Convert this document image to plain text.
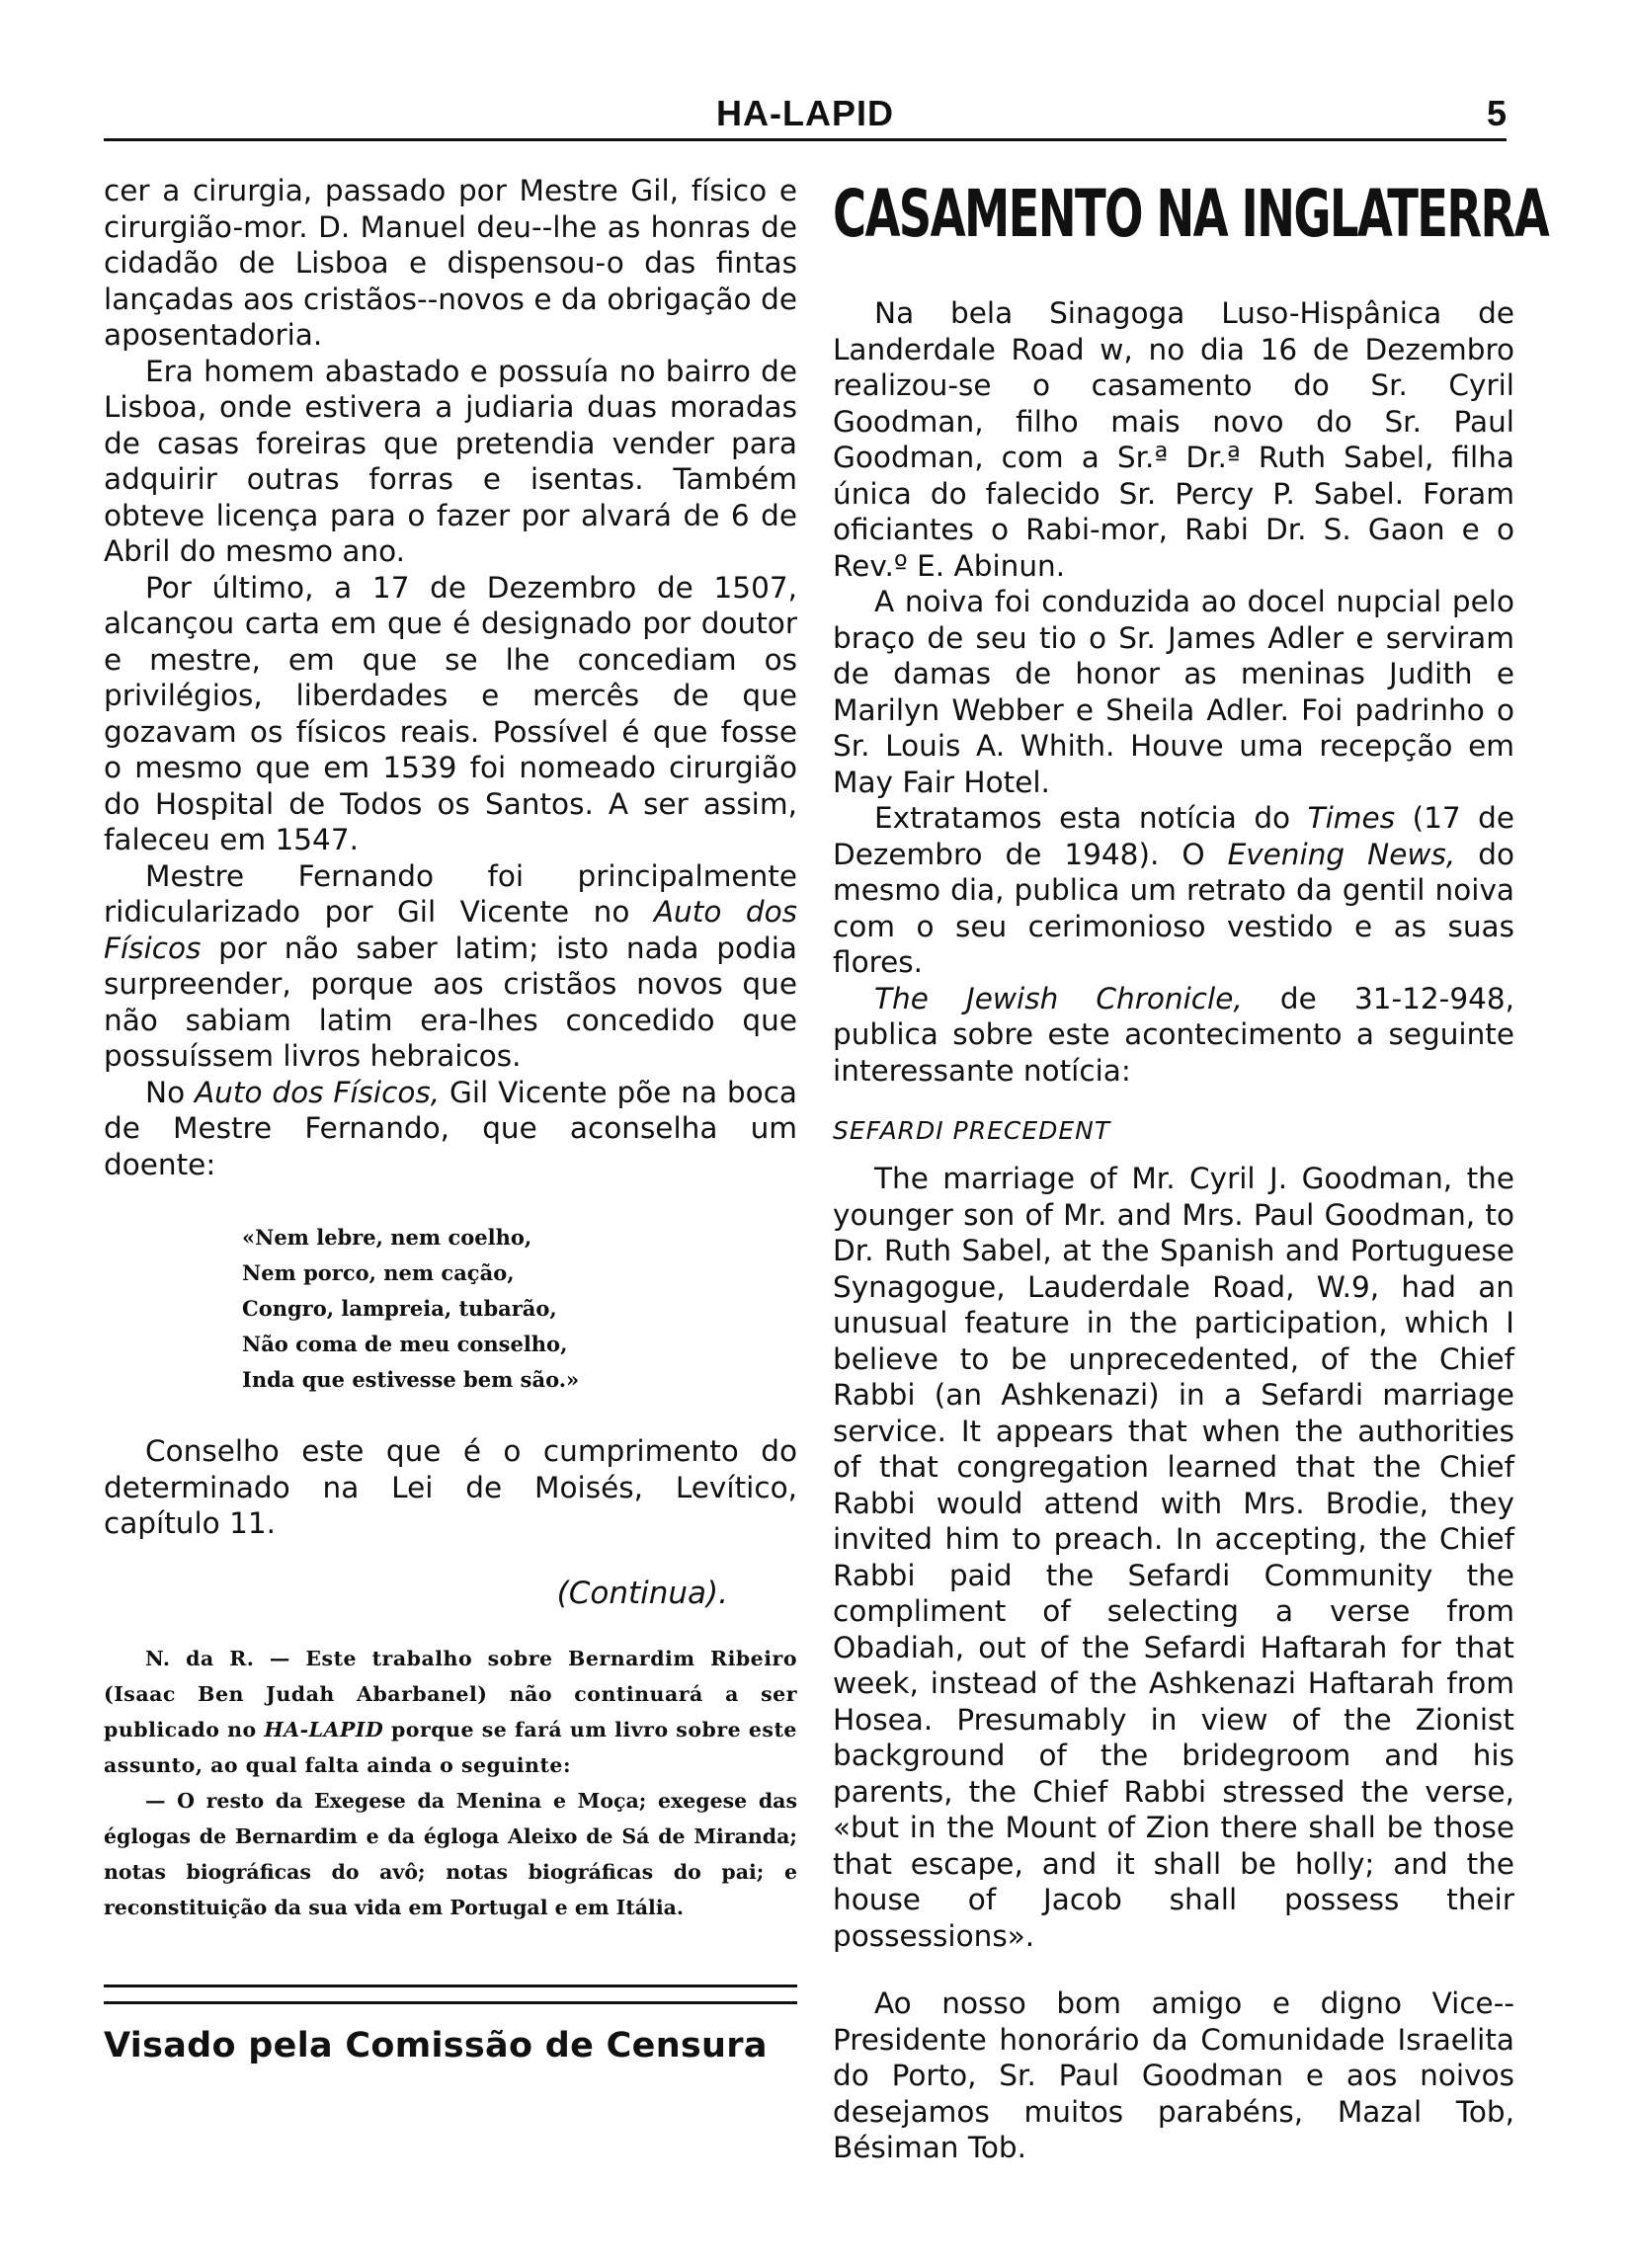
HA-LAPID	5

cer a cirurgia, passado por Mestre Gil, físico e cirurgião-mor. D. Manuel deu--lhe as honras de cidadão de Lisboa e dispensou-o das fintas lançadas aos cristãos--novos e da obrigação de aposentadoria.

Era homem abastado e possuía no bairro de Lisboa, onde estivera a judiaria duas moradas de casas foreiras que pretendia vender para adquirir outras forras e isentas. Também obteve licença para o fazer por alvará de 6 de Abril do mesmo ano.

Por último, a 17 de Dezembro de 1507, alcançou carta em que é designado por doutor e mestre, em que se lhe concediam os privilégios, liberdades e mercês de que gozavam os físicos reais. Possível é que fosse o mesmo que em 1539 foi nomeado cirurgião do Hospital de Todos os Santos. A ser assim, faleceu em 1547.

Mestre Fernando foi principalmente ridicularizado por Gil Vicente no Auto dos Físicos por não saber latim; isto nada podia surpreender, porque aos cristãos novos que não sabiam latim era-lhes concedido que possuíssem livros hebraicos.

No Auto dos Físicos, Gil Vicente põe na boca de Mestre Fernando, que aconselha um doente:

«Nem lebre, nem coelho,
Nem porco, nem cação,
Congro, lampreia, tubarão,
Não coma de meu conselho,
Inda que estivesse bem são.»

Conselho este que é o cumprimento do determinado na Lei de Moisés, Levítico, capítulo 11.

(Continua).

N. da R. — Este trabalho sobre Bernardim Ribeiro (Isaac Ben Judah Abarbanel) não continuará a ser publicado no HA-LAPID porque se fará um livro sobre este assunto, ao qual falta ainda o seguinte:

— O resto da Exegese da Menina e Moça; exegese das églogas de Bernardim e da égloga Aleixo de Sá de Miranda; notas biográficas do avô; notas biográficas do pai; e reconstituição da sua vida em Portugal e em Itália.

Visado pela Comissão de Censura
CASAMENTO NA INGLATERRA

Na bela Sinagoga Luso-Hispânica de Landerdale Road w, no dia 16 de Dezembro realizou-se o casamento do Sr. Cyril Goodman, filho mais novo do Sr. Paul Goodman, com a Sr.ª Dr.ª Ruth Sabel, filha única do falecido Sr. Percy P. Sabel. Foram oficiantes o Rabi-mor, Rabi Dr. S. Gaon e o Rev.º E. Abinun.

A noiva foi conduzida ao docel nupcial pelo braço de seu tio o Sr. James Adler e serviram de damas de honor as meninas Judith e Marilyn Webber e Sheila Adler. Foi padrinho o Sr. Louis A. Whith. Houve uma recepção em May Fair Hotel.

Extratamos esta notícia do Times (17 de Dezembro de 1948). O Evening News, do mesmo dia, publica um retrato da gentil noiva com o seu cerimonioso vestido e as suas flores.

The Jewish Chronicle, de 31-12-948, publica sobre este acontecimento a seguinte interessante notícia:

SEFARDI PRECEDENT

The marriage of Mr. Cyril J. Goodman, the younger son of Mr. and Mrs. Paul Goodman, to Dr. Ruth Sabel, at the Spanish and Portuguese Synagogue, Lauderdale Road, W.9, had an unusual feature in the participation, which I believe to be unprecedented, of the Chief Rabbi (an Ashkenazi) in a Sefardi marriage service. It appears that when the authorities of that congregation learned that the Chief Rabbi would attend with Mrs. Brodie, they invited him to preach. In accepting, the Chief Rabbi paid the Sefardi Community the compliment of selecting a verse from Obadiah, out of the Sefardi Haftarah for that week, instead of the Ashkenazi Haftarah from Hosea. Presumably in view of the Zionist background of the bridegroom and his parents, the Chief Rabbi stressed the verse, «but in the Mount of Zion there shall be those that escape, and it shall be holly; and the house of Jacob shall possess their possessions».

Ao nosso bom amigo e digno Vice--Presidente honorário da Comunidade Israelita do Porto, Sr. Paul Goodman e aos noivos desejamos muitos parabéns, Mazal Tob, Bésiman Tob.
